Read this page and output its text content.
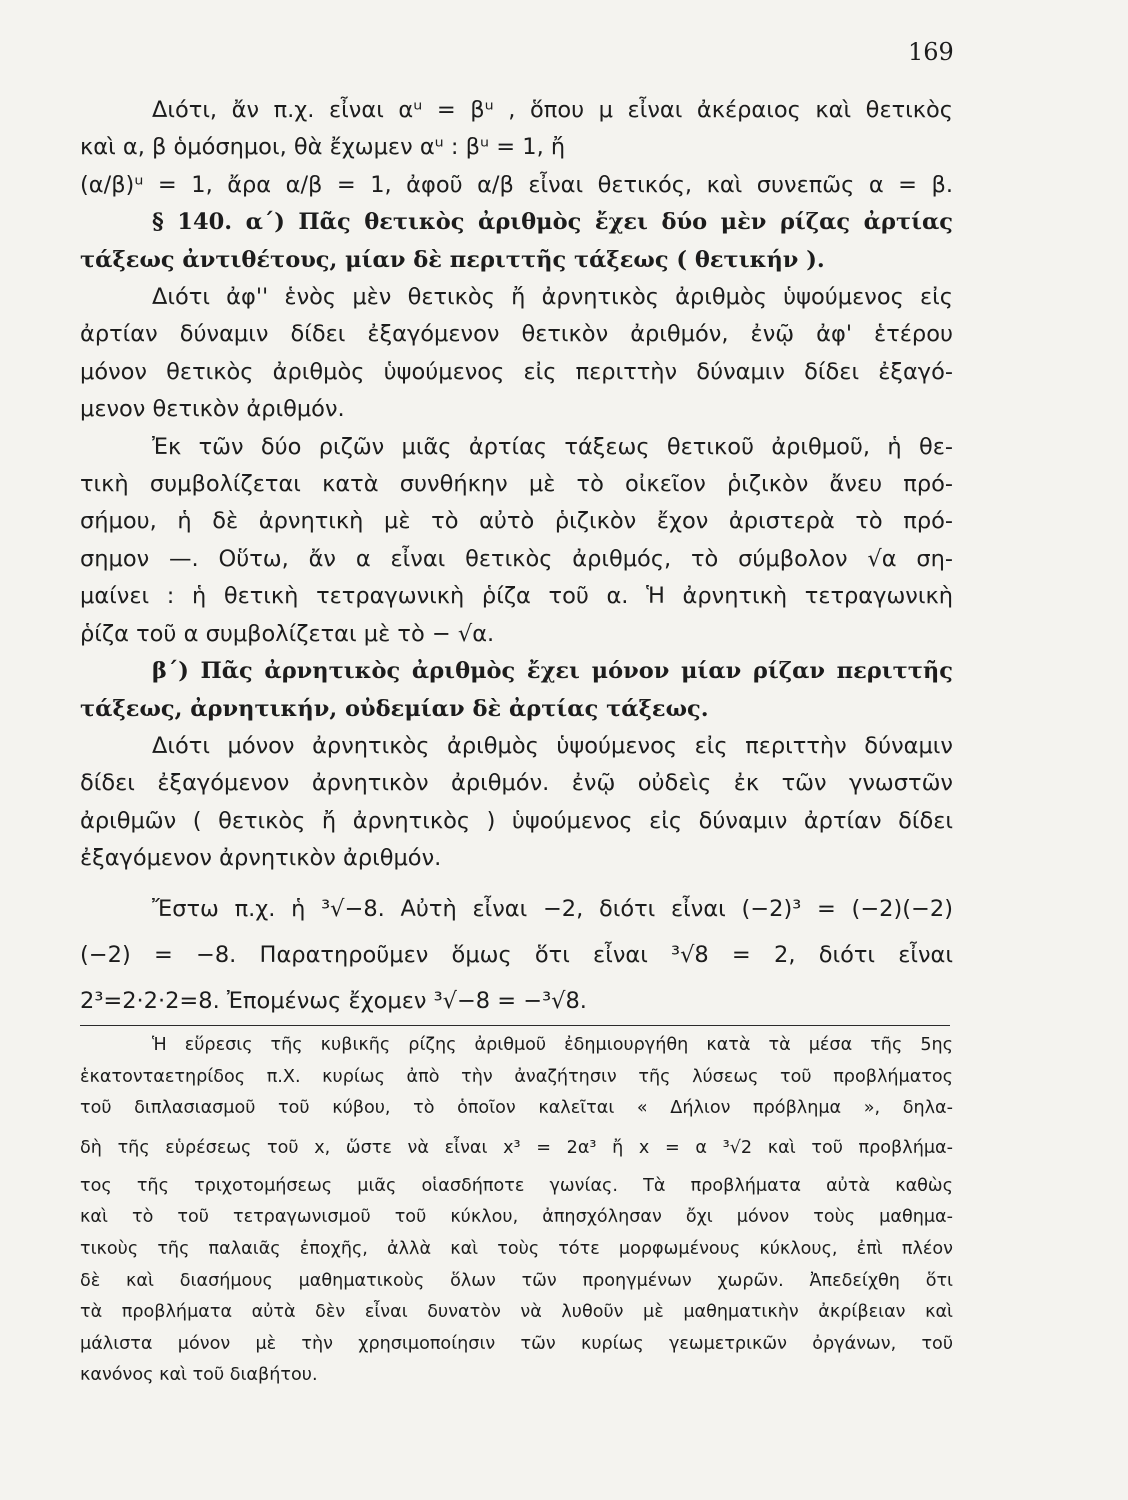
169
Διότι, ἄν π.χ. εἶναι αᵘ = βᵘ , ὅπου μ εἶναι ἀκέραιος καὶ θετικὸς
καὶ α, β ὁμόσημοι, θὰ ἔχωμεν αᵘ : βᵘ = 1, ἤ
(α/β)ᵘ = 1, ἄρα α/β = 1, ἀφοῦ α/β εἶναι θετικός, καὶ συνεπῶς α = β.
§ 140. α΄) Πᾶς θετικὸς ἀριθμὸς ἔχει δύο μὲν ρίζας ἀρτίας
τάξεως ἀντιθέτους, μίαν δὲ περιττῆς τάξεως ( θετικήν ).
Διότι ἀφ'' ἑνὸς μὲν θετικὸς ἤ ἀρνητικὸς ἀριθμὸς ὑψούμενος εἰς
ἀρτίαν δύναμιν δίδει ἐξαγόμενον θετικὸν ἀριθμόν, ἐνῷ ἀφ' ἑτέρου
μόνον θετικὸς ἀριθμὸς ὑψούμενος εἰς περιττὴν δύναμιν δίδει ἐξαγό-
μενον θετικὸν ἀριθμόν.
Ἐκ τῶν δύο ριζῶν μιᾶς ἀρτίας τάξεως θετικοῦ ἀριθμοῦ, ἡ θε-
τικὴ συμβολίζεται κατὰ συνθήκην μὲ τὸ οἰκεῖον ῥιζικὸν ἄνευ πρό-
σήμου, ἡ δὲ ἀρνητικὴ μὲ τὸ αὐτὸ ῥιζικὸν ἔχον ἀριστερὰ τὸ πρό-
σημον —. Οὕτω, ἄν α εἶναι θετικὸς ἀριθμός, τὸ σύμβολον √α ση-
μαίνει : ἡ θετικὴ τετραγωνικὴ ῥίζα τοῦ α. Ἡ ἀρνητικὴ τετραγωνικὴ
ῥίζα τοῦ α συμβολίζεται μὲ τὸ − √α.
β΄) Πᾶς ἀρνητικὸς ἀριθμὸς ἔχει μόνον μίαν ρίζαν περιττῆς
τάξεως, ἀρνητικήν, οὐδεμίαν δὲ ἀρτίας τάξεως.
Διότι μόνον ἀρνητικὸς ἀριθμὸς ὑψούμενος εἰς περιττὴν δύναμιν
δίδει ἐξαγόμενον ἀρνητικὸν ἀριθμόν. ἐνῷ οὐδεὶς ἐκ τῶν γνωστῶν
ἀριθμῶν ( θετικὸς ἤ ἀρνητικὸς ) ὑψούμενος εἰς δύναμιν ἀρτίαν δίδει
ἐξαγόμενον ἀρνητικὸν ἀριθμόν.
Ἔστω π.χ. ἡ ³√−8. Αὐτὴ εἶναι −2, διότι εἶναι (−2)³ = (−2)(−2)
(−2) = −8. Παρατηροῦμεν ὅμως ὅτι εἶναι ³√8 = 2, διότι εἶναι
2³=2·2·2=8. Ἐπομένως ἔχομεν ³√−8 = −³√8.
Ἡ εὕρεσις τῆς κυβικῆς ρίζης ἀριθμοῦ ἐδημιουργήθη κατὰ τὰ μέσα τῆς 5ης
ἑκατονταετηρίδος π.Χ. κυρίως ἀπὸ τὴν ἀναζήτησιν τῆς λύσεως τοῦ προβλήματος
τοῦ διπλασιασμοῦ τοῦ κύβου, τὸ ὁποῖον καλεῖται « Δήλιον πρόβλημα », δηλα-
δὴ τῆς εὑρέσεως τοῦ x, ὥστε νὰ εἶναι x³ = 2α³ ἤ x = α ³√2 καὶ τοῦ προβλήμα-
τος τῆς τριχοτομήσεως μιᾶς οἱασδήποτε γωνίας. Τὰ προβλήματα αὐτὰ καθὼς
καὶ τὸ τοῦ τετραγωνισμοῦ τοῦ κύκλου, ἀπησχόλησαν ὄχι μόνον τοὺς μαθημα-
τικοὺς τῆς παλαιᾶς ἐποχῆς, ἀλλὰ καὶ τοὺς τότε μορφωμένους κύκλους, ἐπὶ πλέον
δὲ καὶ διασήμους μαθηματικοὺς ὅλων τῶν προηγμένων χωρῶν. Ἀπεδείχθη ὅτι
τὰ προβλήματα αὐτὰ δὲν εἶναι δυνατὸν νὰ λυθοῦν μὲ μαθηματικὴν ἀκρίβειαν καὶ
μάλιστα μόνον μὲ τὴν χρησιμοποίησιν τῶν κυρίως γεωμετρικῶν ὀργάνων, τοῦ
κανόνος καὶ τοῦ διαβήτου.
